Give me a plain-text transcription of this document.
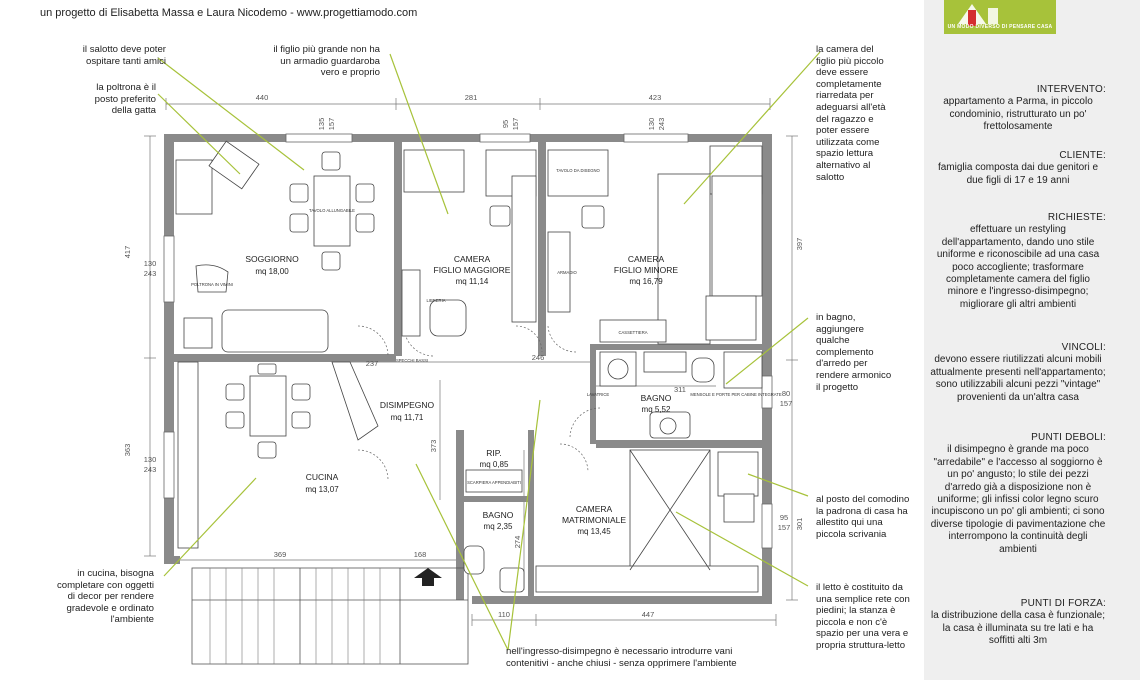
un progetto di Elisabetta Massa e Laura Nicodemo - www.progettiamodo.com
UN MODO DIVERSO DI PENSARE CASA
INTERVENTO:
appartamento a Parma, in piccolo condominio, ristrutturato un po' frettolosamente
CLIENTE:
famiglia composta dai due genitori e due figli di 17 e 19 anni
RICHIESTE:
effettuare un restyling dell'appartamento, dando uno stile uniforme e riconoscibile ad una casa poco accogliente; trasformare completamente camera del figlio minore e l'ingresso-disimpegno; migliorare gli altri ambienti
VINCOLI:
devono essere riutilizzati alcuni mobili attualmente presenti nell'appartamento; sono utilizzabili alcuni pezzi "vintage" provenienti da un'altra casa
PUNTI DEBOLI:
il disimpegno è grande ma poco "arredabile" e l'accesso al soggiorno è un po' angusto; lo stile dei pezzi d'arredo già a disposizione non è uniforme; gli infissi color legno scuro incupiscono un po' gli ambienti; ci sono diverse tipologie di pavimentazione che interrompono la continuità degli ambienti
PUNTI DI FORZA:
la distribuzione della casa è funzionale; la casa è illuminata su tre lati e ha soffitti alti 3m
TAVOLO ALLUNGABILE
POLTRONA IN VIMINI
TAVOLO DA DISEGNO
CASSETTIERA
ARMADIO
LAVATRICE	MENSOLE E PORTE PER CABINE INTEGRATE
LIBRERIA
SPECCHI BASSI
SCARPIERA APPENDIABITI
SOGGIORNO
mq 18,00
CAMERA
FIGLIO MAGGIORE
mq 11,14
CAMERA
FIGLIO MINORE
mq 16,79
DISIMPEGNO
mq 11,71
BAGNO
mq 5,52
CUCINA
mq 13,07
RIP.
mq 0,85
BAGNO
mq 2,35
CAMERA
MATRIMONIALE
mq 13,45
440	281	423
135 157	95 157	130 243
417
363
130
243
130
243
397
301
80
157
95
157
237
246
311
373
274
369	168
110	447
il salotto deve poter ospitare tanti amici
la poltrona è il posto preferito della gatta
il figlio più grande non ha un armadio guardaroba vero e proprio
la camera del figlio più piccolo deve essere completamente riarredata per adeguarsi all'età del ragazzo e poter essere utilizzata come spazio lettura alternativo al salotto
in bagno, aggiungere qualche complemento d'arredo per rendere armonico il progetto
al posto del comodino la padrona di casa ha allestito qui una piccola scrivania
il letto è costituito da una semplice rete con piedini; la stanza è piccola e non c'è spazio per una vera e propria struttura-letto
in cucina, bisogna completare con oggetti di decor per rendere gradevole e ordinato l'ambiente
nell'ingresso-disimpegno è necessario introdurre vani contenitivi - anche chiusi - senza opprimere l'ambiente
